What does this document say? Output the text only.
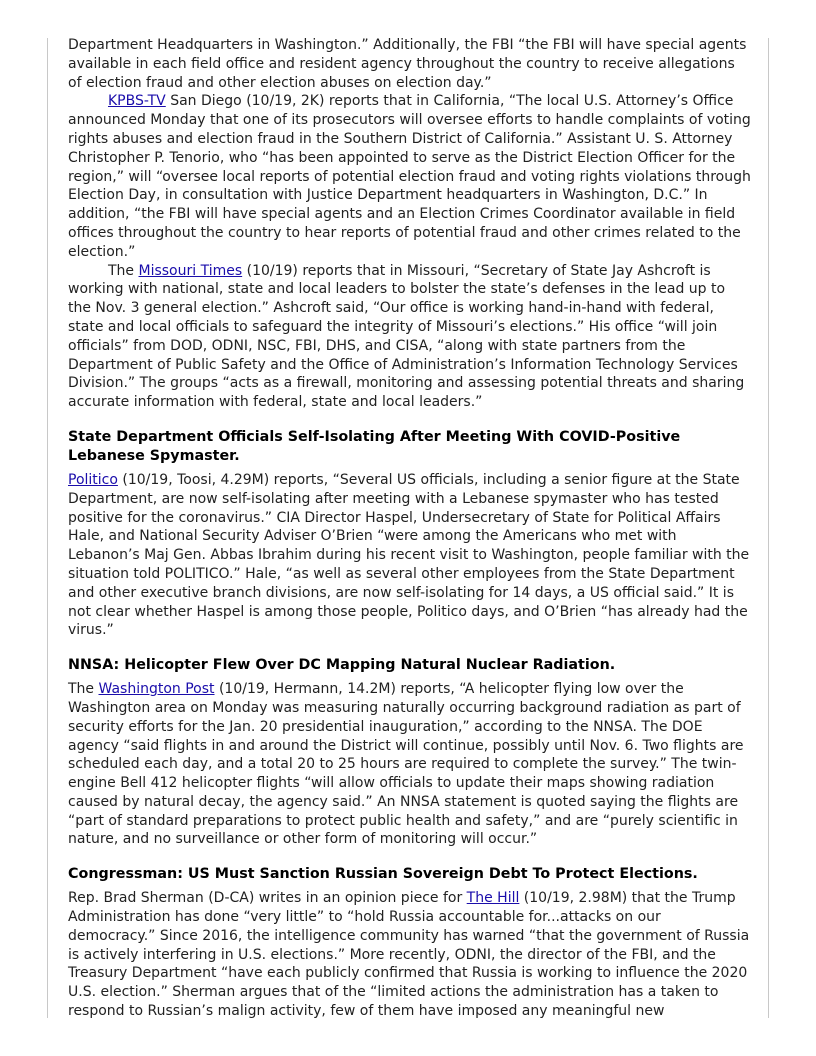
Department Headquarters in Washington.” Additionally, the FBI “the FBI will have special agents available in each field office and resident agency throughout the country to receive allegations of election fraud and other election abuses on election day.”

KPBS-TV San Diego (10/19, 2K) reports that in California, “The local U.S. Attorney’s Office announced Monday that one of its prosecutors will oversee efforts to handle complaints of voting rights abuses and election fraud in the Southern District of California.” Assistant U. S. Attorney Christopher P. Tenorio, who “has been appointed to serve as the District Election Officer for the region,” will “oversee local reports of potential election fraud and voting rights violations through Election Day, in consultation with Justice Department headquarters in Washington, D.C.” In addition, “the FBI will have special agents and an Election Crimes Coordinator available in field offices throughout the country to hear reports of potential fraud and other crimes related to the election.”

The Missouri Times (10/19) reports that in Missouri, “Secretary of State Jay Ashcroft is working with national, state and local leaders to bolster the state’s defenses in the lead up to the Nov. 3 general election.” Ashcroft said, “Our office is working hand-in-hand with federal, state and local officials to safeguard the integrity of Missouri’s elections.” His office “will join officials” from DOD, ODNI, NSC, FBI, DHS, and CISA, “along with state partners from the Department of Public Safety and the Office of Administration’s Information Technology Services Division.” The groups “acts as a firewall, monitoring and assessing potential threats and sharing accurate information with federal, state and local leaders.”

State Department Officials Self-Isolating After Meeting With COVID-Positive Lebanese Spymaster.

Politico (10/19, Toosi, 4.29M) reports, “Several US officials, including a senior figure at the State Department, are now self-isolating after meeting with a Lebanese spymaster who has tested positive for the coronavirus.” CIA Director Haspel, Undersecretary of State for Political Affairs Hale, and National Security Adviser O’Brien “were among the Americans who met with Lebanon’s Maj Gen. Abbas Ibrahim during his recent visit to Washington, people familiar with the situation told POLITICO.” Hale, “as well as several other employees from the State Department and other executive branch divisions, are now self-isolating for 14 days, a US official said.” It is not clear whether Haspel is among those people, Politico days, and O’Brien “has already had the virus.”

NNSA: Helicopter Flew Over DC Mapping Natural Nuclear Radiation.

The Washington Post (10/19, Hermann, 14.2M) reports, “A helicopter flying low over the Washington area on Monday was measuring naturally occurring background radiation as part of security efforts for the Jan. 20 presidential inauguration,” according to the NNSA. The DOE agency “said flights in and around the District will continue, possibly until Nov. 6. Two flights are scheduled each day, and a total 20 to 25 hours are required to complete the survey.” The twin-engine Bell 412 helicopter flights “will allow officials to update their maps showing radiation caused by natural decay, the agency said.” An NNSA statement is quoted saying the flights are “part of standard preparations to protect public health and safety,” and are “purely scientific in nature, and no surveillance or other form of monitoring will occur.”

Congressman: US Must Sanction Russian Sovereign Debt To Protect Elections.

Rep. Brad Sherman (D-CA) writes in an opinion piece for The Hill (10/19, 2.98M) that the Trump Administration has done “very little” to “hold Russia accountable for...attacks on our democracy.” Since 2016, the intelligence community has warned “that the government of Russia is actively interfering in U.S. elections.” More recently, ODNI, the director of the FBI, and the Treasury Department “have each publicly confirmed that Russia is working to influence the 2020 U.S. election.” Sherman argues that of the “limited actions the administration has a taken to respond to Russian’s malign activity, few of them have imposed any meaningful new
